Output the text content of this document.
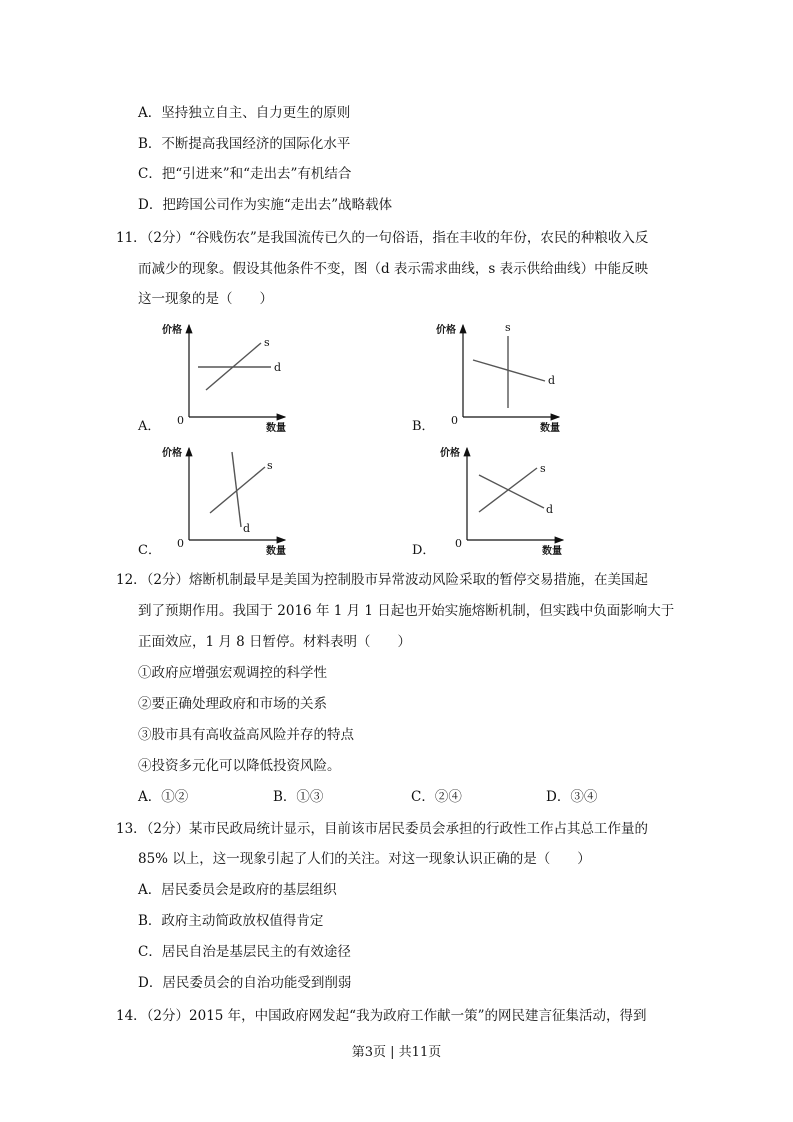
A．坚持独立自主、自力更生的原则
B．不断提高我国经济的国际化水平
C．把“引进来”和“走出去”有机结合
D．把跨国公司作为实施“走出去”战略载体
11．（2分）“谷贱伤农”是我国流传已久的一句俗语，指在丰收的年份，农民的种粮收入反
而减少的现象。假设其他条件不变，图（d 表示需求曲线，s 表示供给曲线）中能反映
这一现象的是（　　）
价格
0
数量
s
d
A．
价格
0
数量
s
d
B．
价格
0
数量
s
d
C．
价格
0
数量
s
d
D．
12．（2分）熔断机制最早是美国为控制股市异常波动风险采取的暂停交易措施，在美国起
到了预期作用。我国于 2016 年 1 月 1 日起也开始实施熔断机制，但实践中负面影响大于
正面效应，1 月 8 日暂停。材料表明（　　）
①政府应增强宏观调控的科学性
②要正确处理政府和市场的关系
③股市具有高收益高风险并存的特点
④投资多元化可以降低投资风险。
A．①②	B．①③	C．②④	D．③④
13．（2分）某市民政局统计显示，目前该市居民委员会承担的行政性工作占其总工作量的
85% 以上，这一现象引起了人们的关注。对这一现象认识正确的是（　　）
A．居民委员会是政府的基层组织
B．政府主动简政放权值得肯定
C．居民自治是基层民主的有效途径
D．居民委员会的自治功能受到削弱
14．（2分）2015 年，中国政府网发起“我为政府工作献一策”的网民建言征集活动，得到
第3页 | 共11页
